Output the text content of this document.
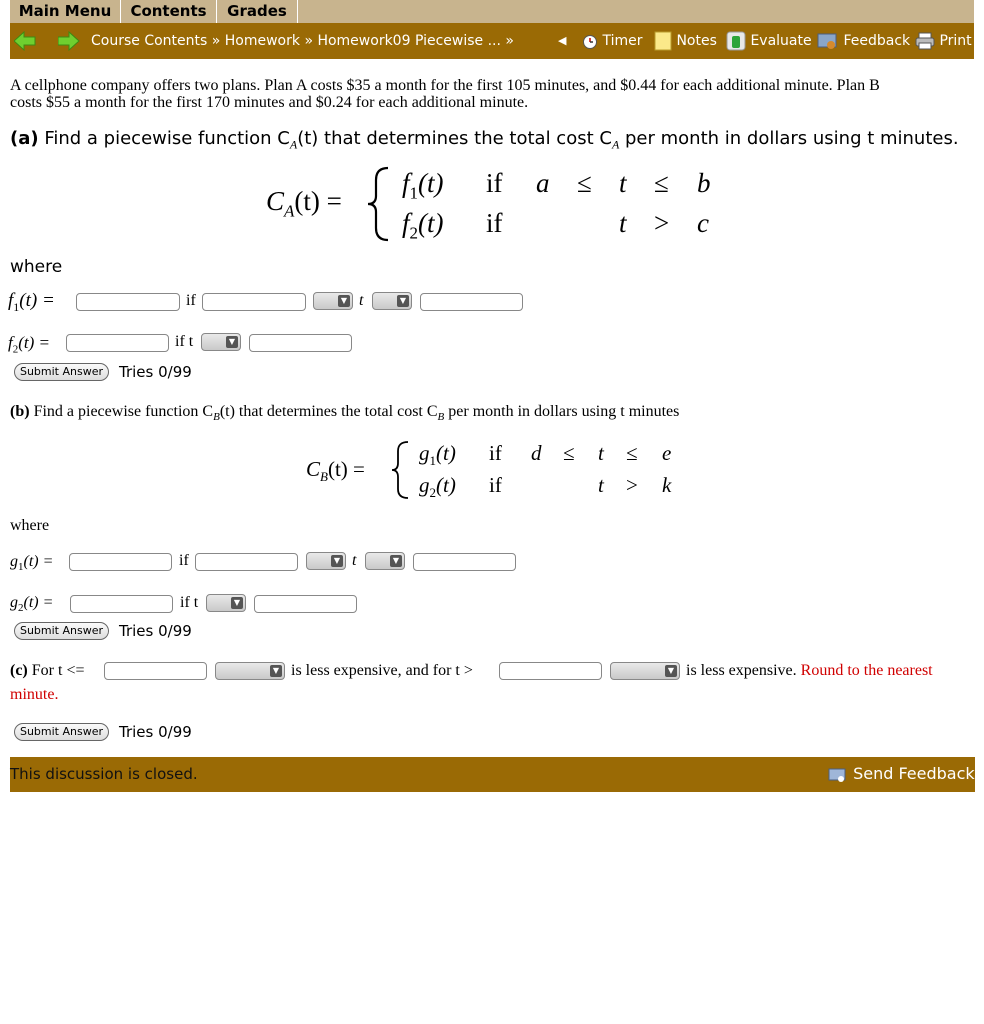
Main Menu	Contents	Grades
Course Contents » Homework » Homework09 Piecewise ... »	◀	Timer	Notes	Evaluate	Feedback	Print
A cellphone company offers two plans. Plan A costs $35 a month for the first 105 minutes, and $0.44 for each additional minute. Plan B
costs $55 a month for the first 170 minutes and $0.24 for each additional minute.
(a) Find a piecewise function $C_A(t)$ that determines the total cost $C_A$ per month in dollars using t minutes.
$C_A(t)$ =
$f_1(t)$ if a ≤ t ≤ b
$f_2(t)$ if	t > c
where
$f_1(t)$ =	if	▼ t	▼
$f_2(t)$ =	if t	▼
Submit Answer	Tries 0/99
(b) Find a piecewise function $C_B(t)$ that determines the total cost $C_B$ per month in dollars using t minutes
$C_B(t)$ =
$g_1(t)$ if d ≤ t ≤ e
$g_2(t)$ if	t > k
where
$g_1(t)$ =	if	▼ t	▼
$g_2(t)$ =	if t	▼
Submit Answer	Tries 0/99
(c) For t <=	▼ is less expensive, and for t >	▼ is less expensive. Round to the nearest
minute.
Submit Answer	Tries 0/99
This discussion is closed.	Send Feedback
